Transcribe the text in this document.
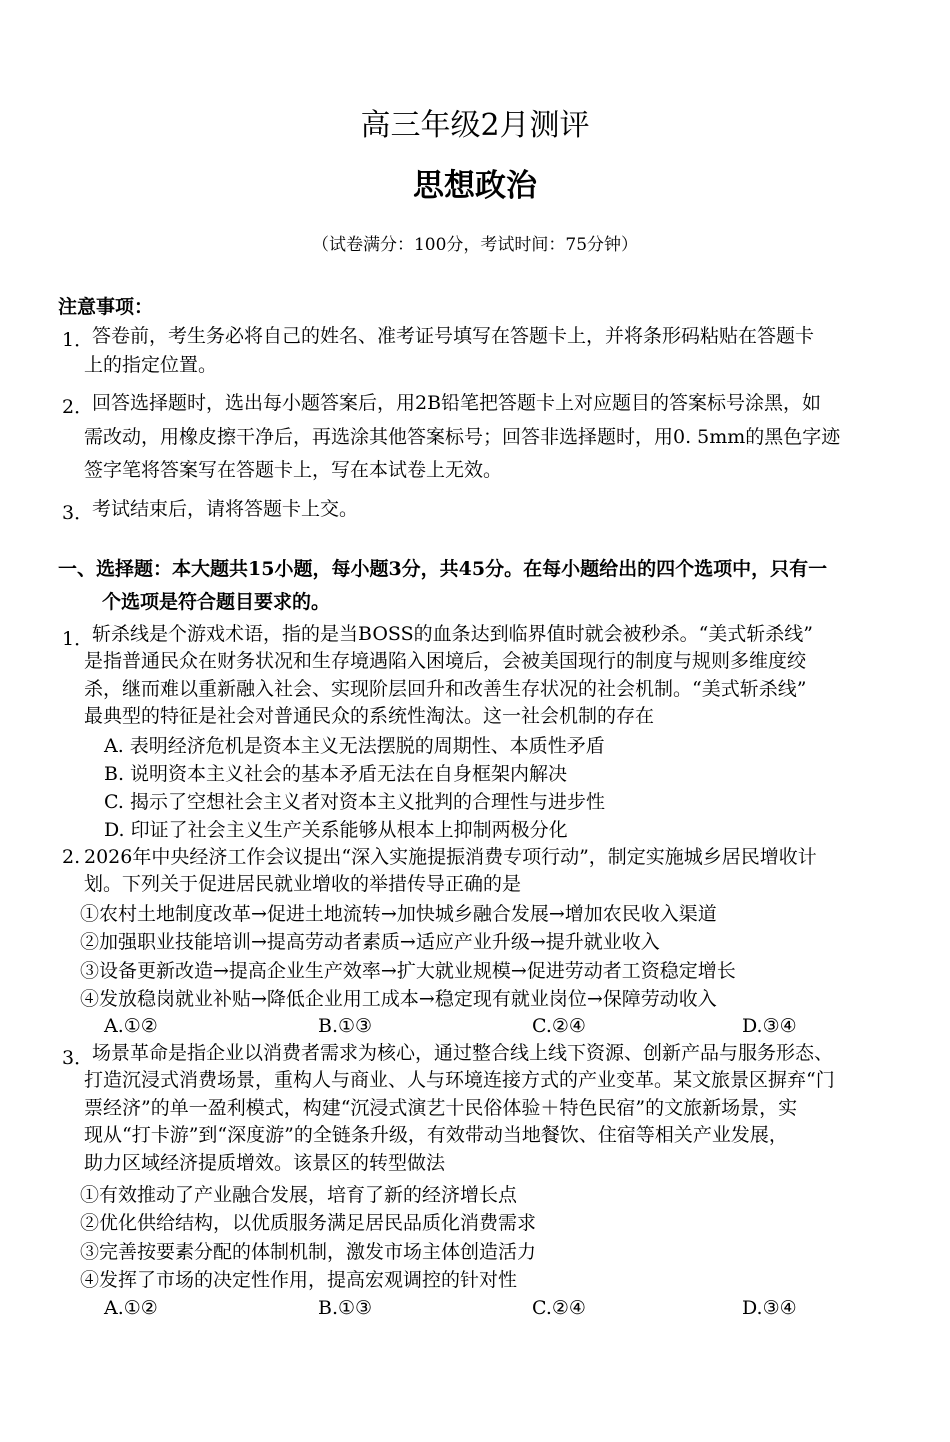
高三年级2月测评
思想政治
（试卷满分：100分，考试时间：75分钟）
注意事项：
1．
答卷前，考生务必将自己的姓名、准考证号填写在答题卡上，并将条形码粘贴在答题卡
上的指定位置。
2．
回答选择题时，选出每小题答案后，用2B铅笔把答题卡上对应题目的答案标号涂黑，如
需改动，用橡皮擦干净后，再选涂其他答案标号；回答非选择题时，用0. 5mm的黑色字迹
签字笔将答案写在答题卡上，写在本试卷上无效。
3．
考试结束后，请将答题卡上交。
一、选择题：本大题共15小题，每小题3分，共45分。在每小题给出的四个选项中，只有一
个选项是符合题目要求的。
1．
斩杀线是个游戏术语，指的是当BOSS的血条达到临界值时就会被秒杀。“美式斩杀线”
是指普通民众在财务状况和生存境遇陷入困境后，会被美国现行的制度与规则多维度绞
杀，继而难以重新融入社会、实现阶层回升和改善生存状况的社会机制。“美式斩杀线”
最典型的特征是社会对普通民众的系统性淘汰。这一社会机制的存在
A. 表明经济危机是资本主义无法摆脱的周期性、本质性矛盾
B. 说明资本主义社会的基本矛盾无法在自身框架内解决
C. 揭示了空想社会主义者对资本主义批判的合理性与进步性
D. 印证了社会主义生产关系能够从根本上抑制两极分化
2. 2026年中央经济工作会议提出“深入实施提振消费专项行动”，制定实施城乡居民增收计
划。下列关于促进居民就业增收的举措传导正确的是
①农村土地制度改革→促进土地流转→加快城乡融合发展→增加农民收入渠道
②加强职业技能培训→提高劳动者素质→适应产业升级→提升就业收入
③设备更新改造→提高企业生产效率→扩大就业规模→促进劳动者工资稳定增长
④发放稳岗就业补贴→降低企业用工成本→稳定现有就业岗位→保障劳动收入
A.①②	B.①③	C.②④	D.③④
3．
场景革命是指企业以消费者需求为核心，通过整合线上线下资源、创新产品与服务形态、
打造沉浸式消费场景，重构人与商业、人与环境连接方式的产业变革。某文旅景区摒弃“门
票经济”的单一盈利模式，构建“沉浸式演艺十民俗体验＋特色民宿”的文旅新场景，实
现从“打卡游”到“深度游”的全链条升级，有效带动当地餐饮、住宿等相关产业发展，
助力区域经济提质增效。该景区的转型做法
①有效推动了产业融合发展，培育了新的经济增长点
②优化供给结构，以优质服务满足居民品质化消费需求
③完善按要素分配的体制机制，激发市场主体创造活力
④发挥了市场的决定性作用，提高宏观调控的针对性
A.①②	B.①③	C.②④	D.③④
